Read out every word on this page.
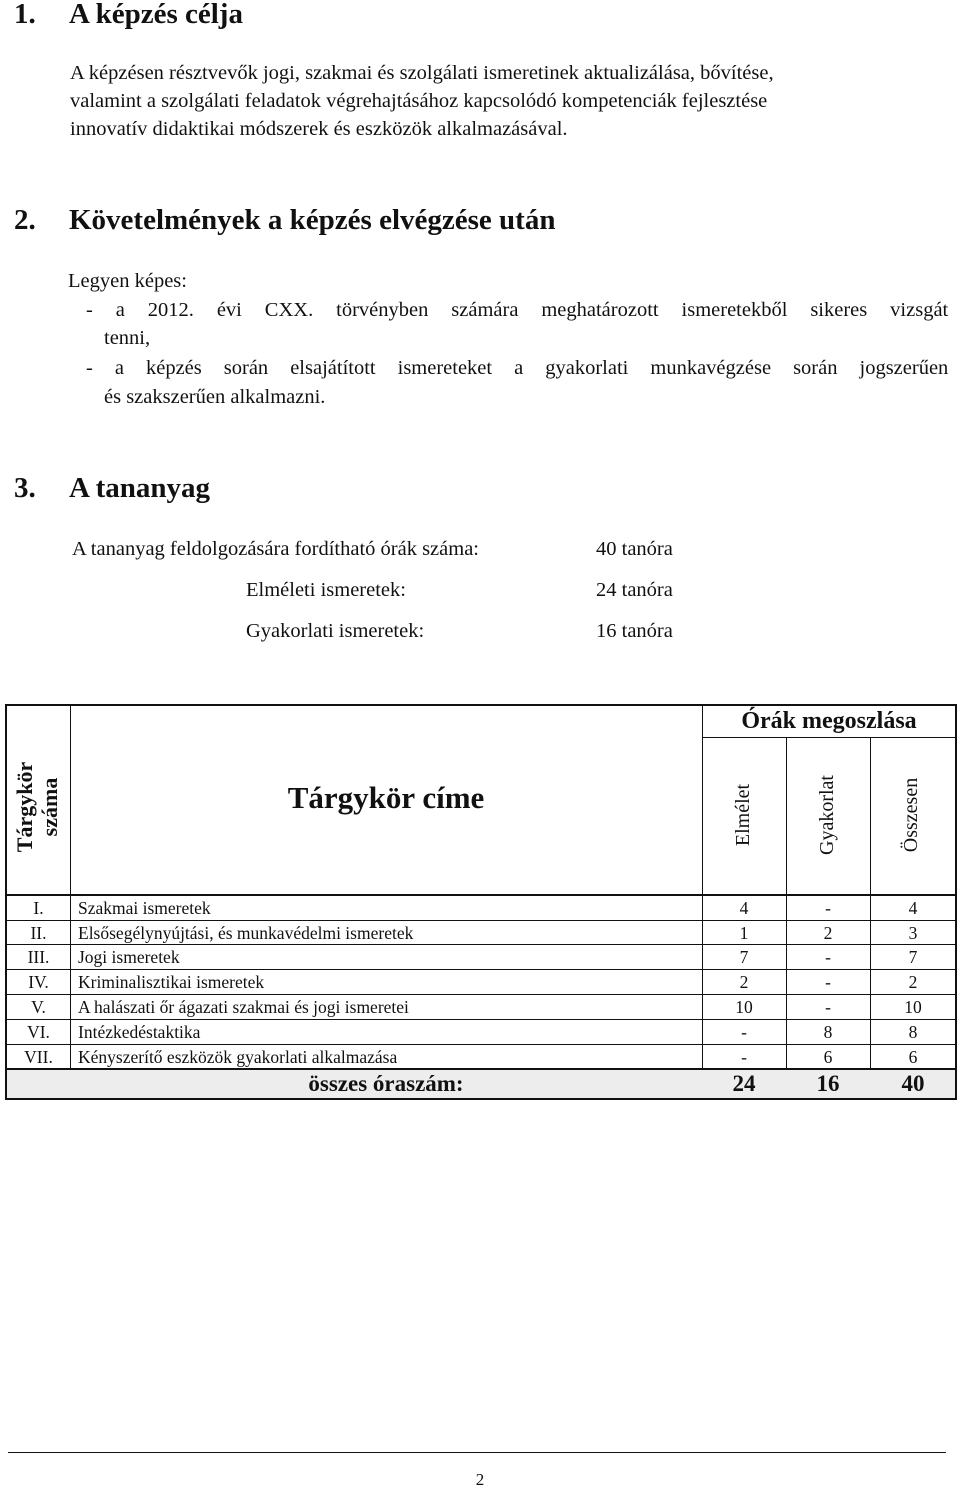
1. A képzés célja
A képzésen résztvevők jogi, szakmai és szolgálati ismeretinek aktualizálása, bővítése,
valamint a szolgálati feladatok végrehajtásához kapcsolódó kompetenciák fejlesztése
innovatív didaktikai módszerek és eszközök alkalmazásával.
2. Követelmények a képzés elvégzése után
Legyen képes:
- a 2012. évi CXX. törvényben számára meghatározott ismeretekből sikeres vizsgát
tenni,
- a képzés során elsajátított ismereteket a gyakorlati munkavégzése során jogszerűen
és szakszerűen alkalmazni.
3. A tananyag
A tananyag feldolgozására fordítható órák száma:	40 tanóra
Elméleti ismeretek:	24 tanóra
Gyakorlati ismeretek:	16 tanóra
Tárgykör száma	Tárgykör címe
Órák megoszlása
Elmélet	Gyakorlat	Összesen
I.	Szakmai ismeretek	4	-	4
II.	Elsősegélynyújtási, és munkavédelmi ismeretek	1	2	3
III.	Jogi ismeretek	7	-	7
IV.	Kriminalisztikai ismeretek	2	-	2
V.	A halászati őr ágazati szakmai és jogi ismeretei	10	-	10
VI.	Intézkedéstaktika	-	8	8
VII.	Kényszerítő eszközök gyakorlati alkalmazása	-	6	6
összes óraszám:	24	16	40
2
